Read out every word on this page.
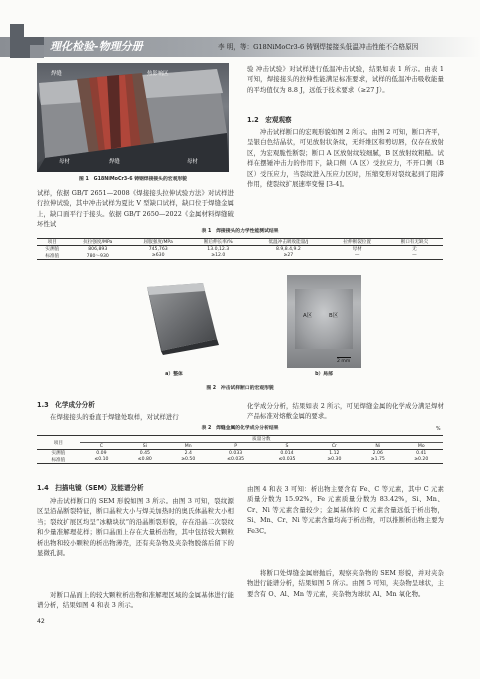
理化检验-物理分册	李 明，等：G18NiMoCr3-6 铸钢焊接接头低温冲击性能不合格原因
焊缝	热影响区
母材	焊缝	母材
图 1　G18NiMoCr3-6 铸钢焊接接头的宏观形貌
试样，依据 GB/T 2651—2008《焊接接头拉伸试验方法》对试样进行拉伸试验，其中冲击试样为夏比 V 型缺口试样，缺口位于焊缝金属上，缺口面平行于接头。依据 GB/T 2650—2022《金属材料焊缝破坏性试
验 冲击试验》对试样进行低温冲击试验，结果如表 1 所示。由表 1 可知，焊接接头的拉伸性能满足标准要求，试样的低温冲击吸收能量的平均值仅为 8.8 J，远低于技术要求（≥27 J）。
1.2　宏观观察
冲击试样断口的宏观形貌如图 2 所示。由图 2 可知，断口齐平，呈银白色结晶状，可见放射状条纹，无纤维区和剪切唇，仅存在放射区，为宏观脆性断裂；断口 A 区放射纹较细腻，B 区放射纹粗糙。试样在摆锤冲击力的作用下，缺口侧（A 区）受拉应力，不开口侧（B 区）受压应力，当裂纹进入压应力区时，压缩变形对裂纹起到了阻滞作用，使裂纹扩展速率变慢 [3-4]。
表 1　焊接接头的力学性能测试结果
项目	抗拉强度/MPa	屈服强度/MPa	断后伸长率/%	低温冲击吸收能量/J	拉伸断裂位置	断口有无缺欠
实测值	806,893	745,763	13.0,12.3	8.9,8.4,9.2	母材	无
标准值	780～930	≥630	≥12.0	≥27	—	—
A区	B区
2 mm
a）整体	b）局部
图 2　冲击试样断口的宏观形貌
1.3　化学成分分析
在焊接接头的垂直于焊缝处取样，对试样进行
化学成分分析，结果如表 2 所示，可见焊缝金属的化学成分满足焊材产品标准对熔敷金属的要求。
表 2　焊缝金属的化学成分分析结果	%
项目	质量分数							
	C	Si	Mn	P	S	Cr	Ni	Mo
实测值	0.09	0.45	2.4	0.033	0.014	1.12	2.06	0.41
标准值	≤0.10	≤0.80	≥0.50	≤0.035	≤0.035	≥0.30	≥1.75	≥0.20
1.4　扫描电镜（SEM）及能谱分析
冲击试样断口的 SEM 形貌如图 3 所示。由图 3 可知，裂纹源区呈沿晶断裂特征，断口晶粒大小与焊关加热时的奥氏体晶粒大小相当；裂纹扩展区均呈“冰糖块状”的沿晶断裂形貌，存在沿晶二次裂纹和少量准解理花样；断口晶面上存在大量析出物，其中包括较大颗粒析出物和较小颗粒的析出物薄壳，还有夹杂物及夹杂物脱落后留下的显微孔洞。
对断口晶面上的较大颗粒析出物和准解理区域的金属基体进行能谱分析，结果如图 4 和表 3 所示。
由图 4 和表 3 可知：析出物主要含有 Fe、C 等元素，其中 C 元素质量分数为 15.92%，Fe 元素质量分数为 83.42%，Si、Mn、Cr、Ni 等元素含量较少；金属基体的 C 元素含量远低于析出物，Si、Mn、Cr、Ni 等元素含量均高于析出物，可以推断析出物主要为 Fe3C。
将断口处焊缝金属磨抛后，观察夹杂物的 SEM 形貌，并对夹杂物进行能谱分析，结果如图 5 所示。由图 5 可知，夹杂物呈球状，主要含有 O、Al、Mn 等元素，夹杂物为球状 Al、Mn 氧化物。
42
